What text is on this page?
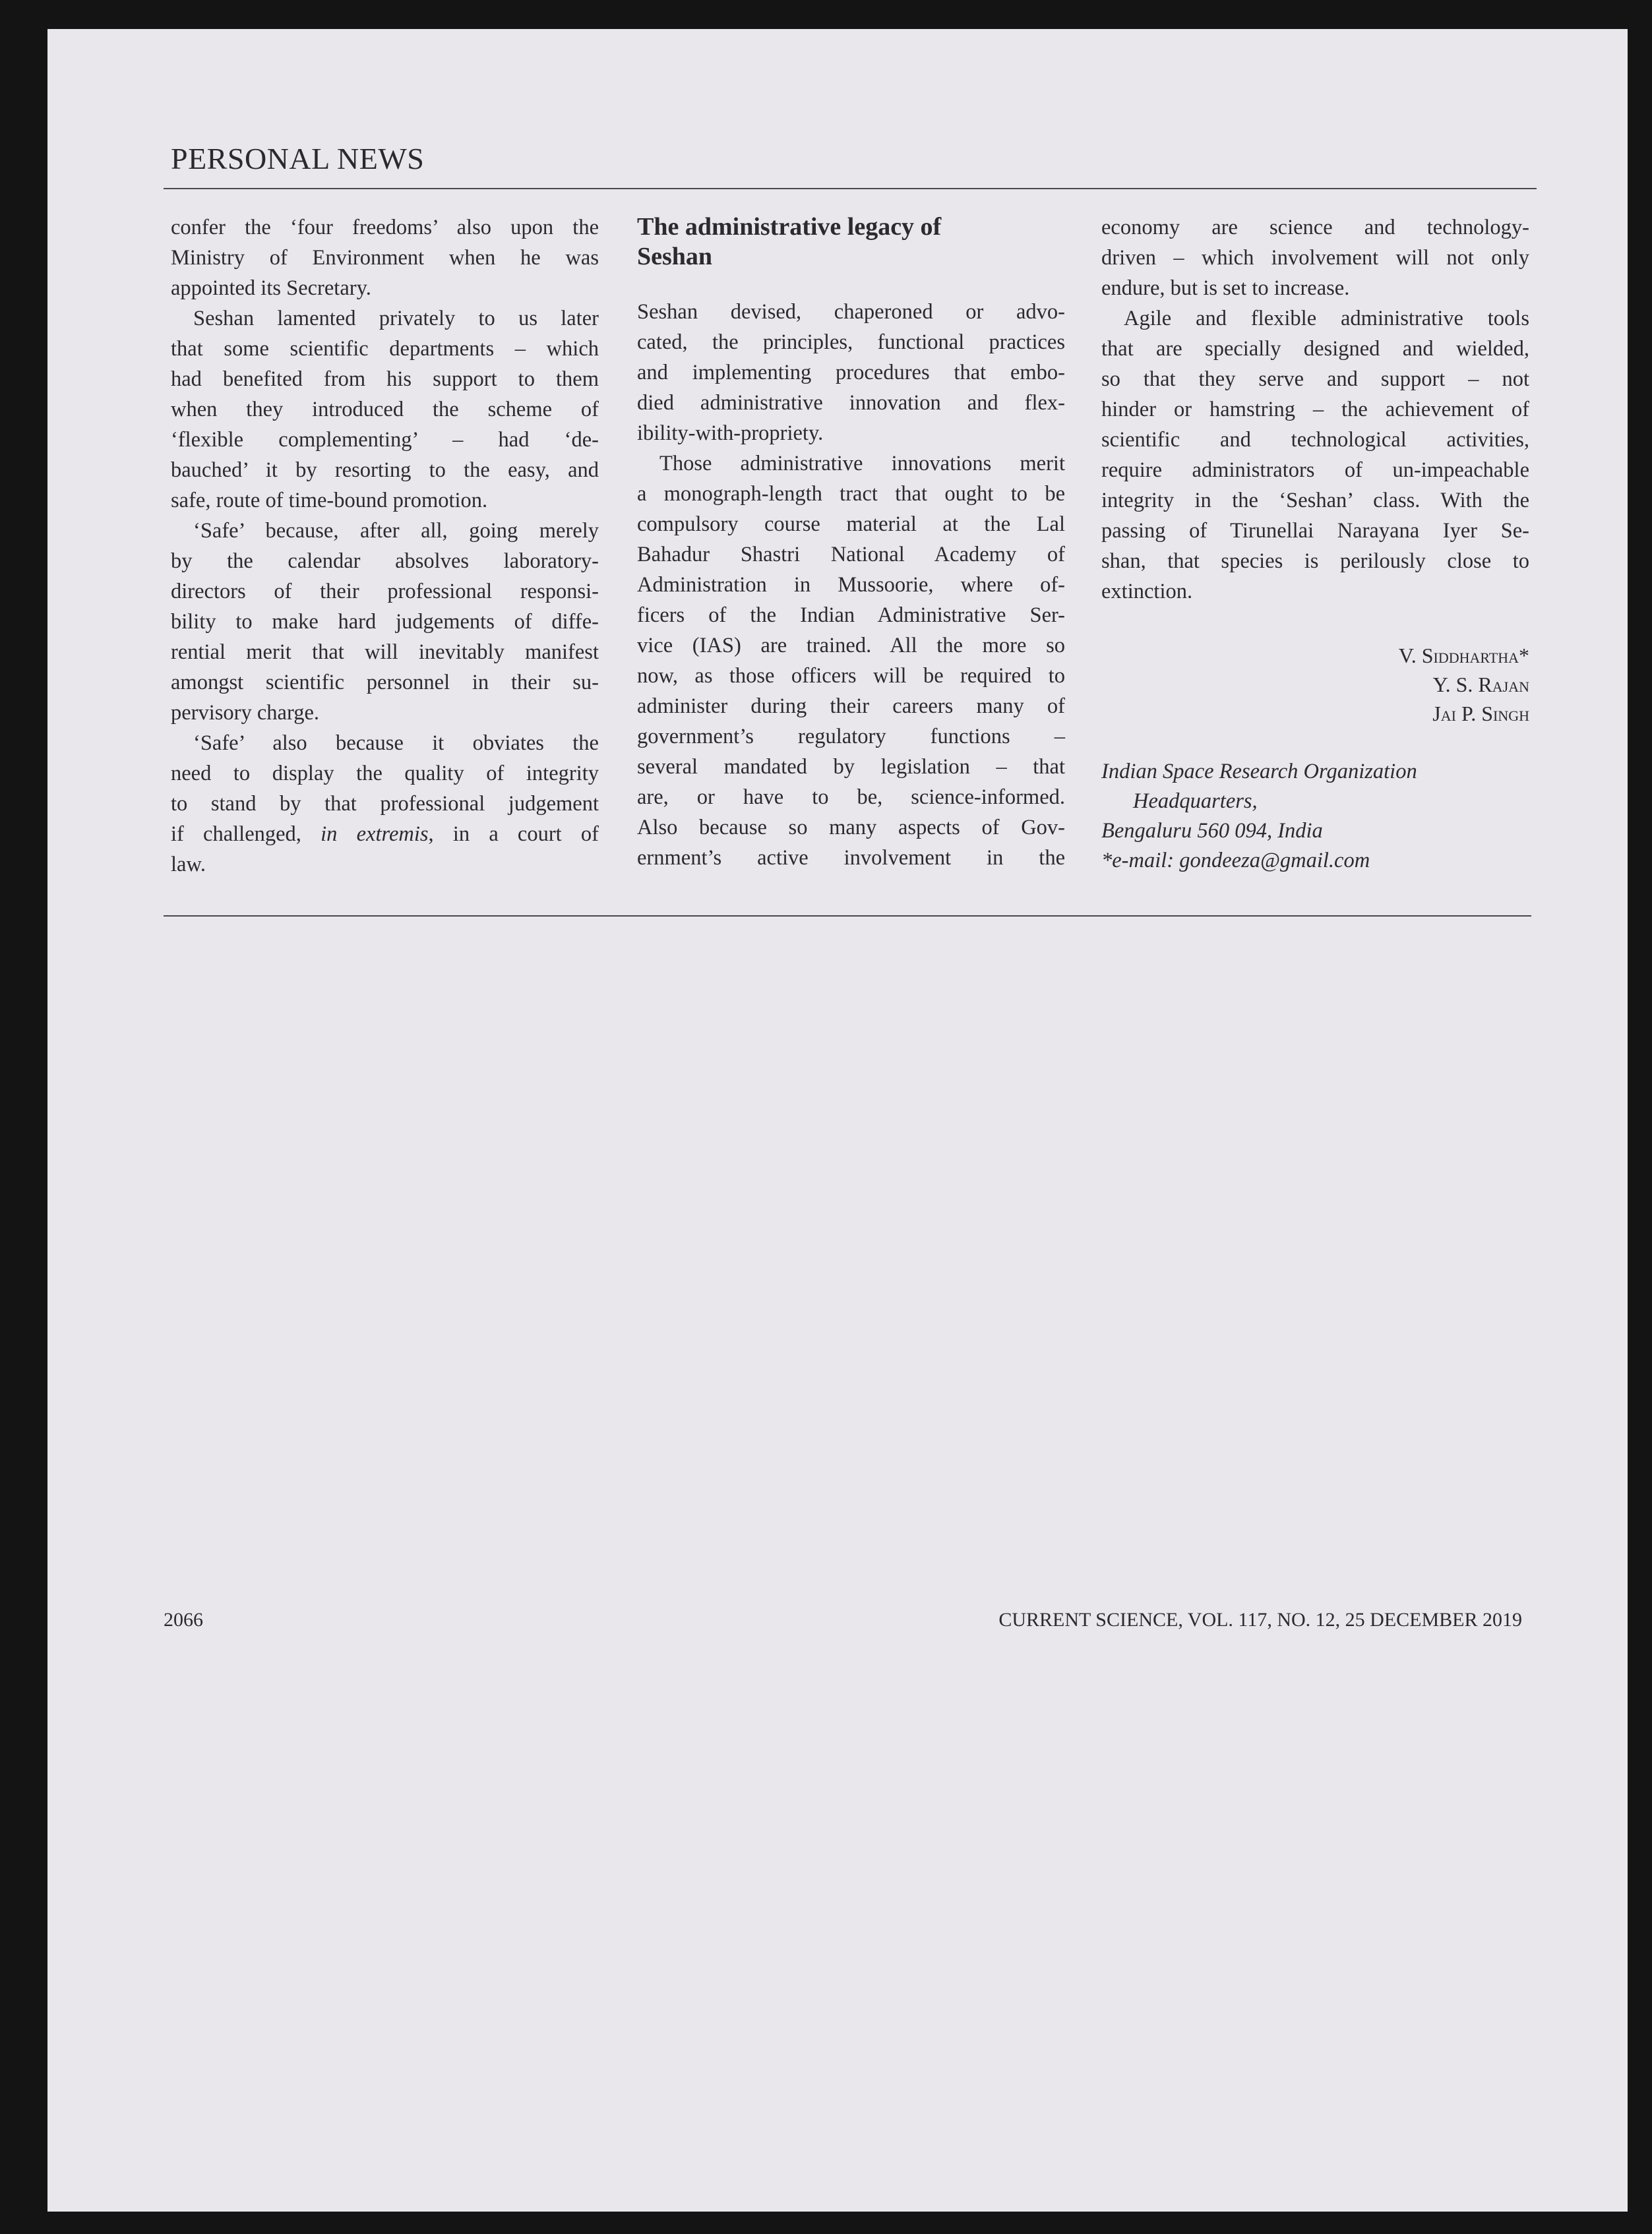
PERSONAL NEWS
confer the ‘four freedoms’ also upon the
Ministry of Environment when he was
appointed its Secretary.
Seshan lamented privately to us later
that some scientific departments – which
had benefited from his support to them
when they introduced the scheme of
‘flexible complementing’ – had ‘de-
bauched’ it by resorting to the easy, and
safe, route of time-bound promotion.
‘Safe’ because, after all, going merely
by the calendar absolves laboratory-
directors of their professional responsi-
bility to make hard judgements of diffe-
rential merit that will inevitably manifest
amongst scientific personnel in their su-
pervisory charge.
‘Safe’ also because it obviates the
need to display the quality of integrity
to stand by that professional judgement
if challenged, in extremis, in a court of
law.
The administrative legacy of
Seshan
Seshan devised, chaperoned or advo-
cated, the principles, functional practices
and implementing procedures that embo-
died administrative innovation and flex-
ibility-with-propriety.
Those administrative innovations merit
a monograph-length tract that ought to be
compulsory course material at the Lal
Bahadur Shastri National Academy of
Administration in Mussoorie, where of-
ficers of the Indian Administrative Ser-
vice (IAS) are trained. All the more so
now, as those officers will be required to
administer during their careers many of
government’s regulatory functions –
several mandated by legislation – that
are, or have to be, science-informed.
Also because so many aspects of Gov-
ernment’s active involvement in the
economy are science and technology-
driven – which involvement will not only
endure, but is set to increase.
Agile and flexible administrative tools
that are specially designed and wielded,
so that they serve and support – not
hinder or hamstring – the achievement of
scientific and technological activities,
require administrators of un-impeachable
integrity in the ‘Seshan’ class. With the
passing of Tirunellai Narayana Iyer Se-
shan, that species is perilously close to
extinction.
V. Siddhartha*
Y. S. Rajan
Jai P. Singh
Indian Space Research Organization
Headquarters,
Bengaluru 560 094, India
*e-mail: gondeeza@gmail.com
2066	CURRENT SCIENCE, VOL. 117, NO. 12, 25 DECEMBER 2019
